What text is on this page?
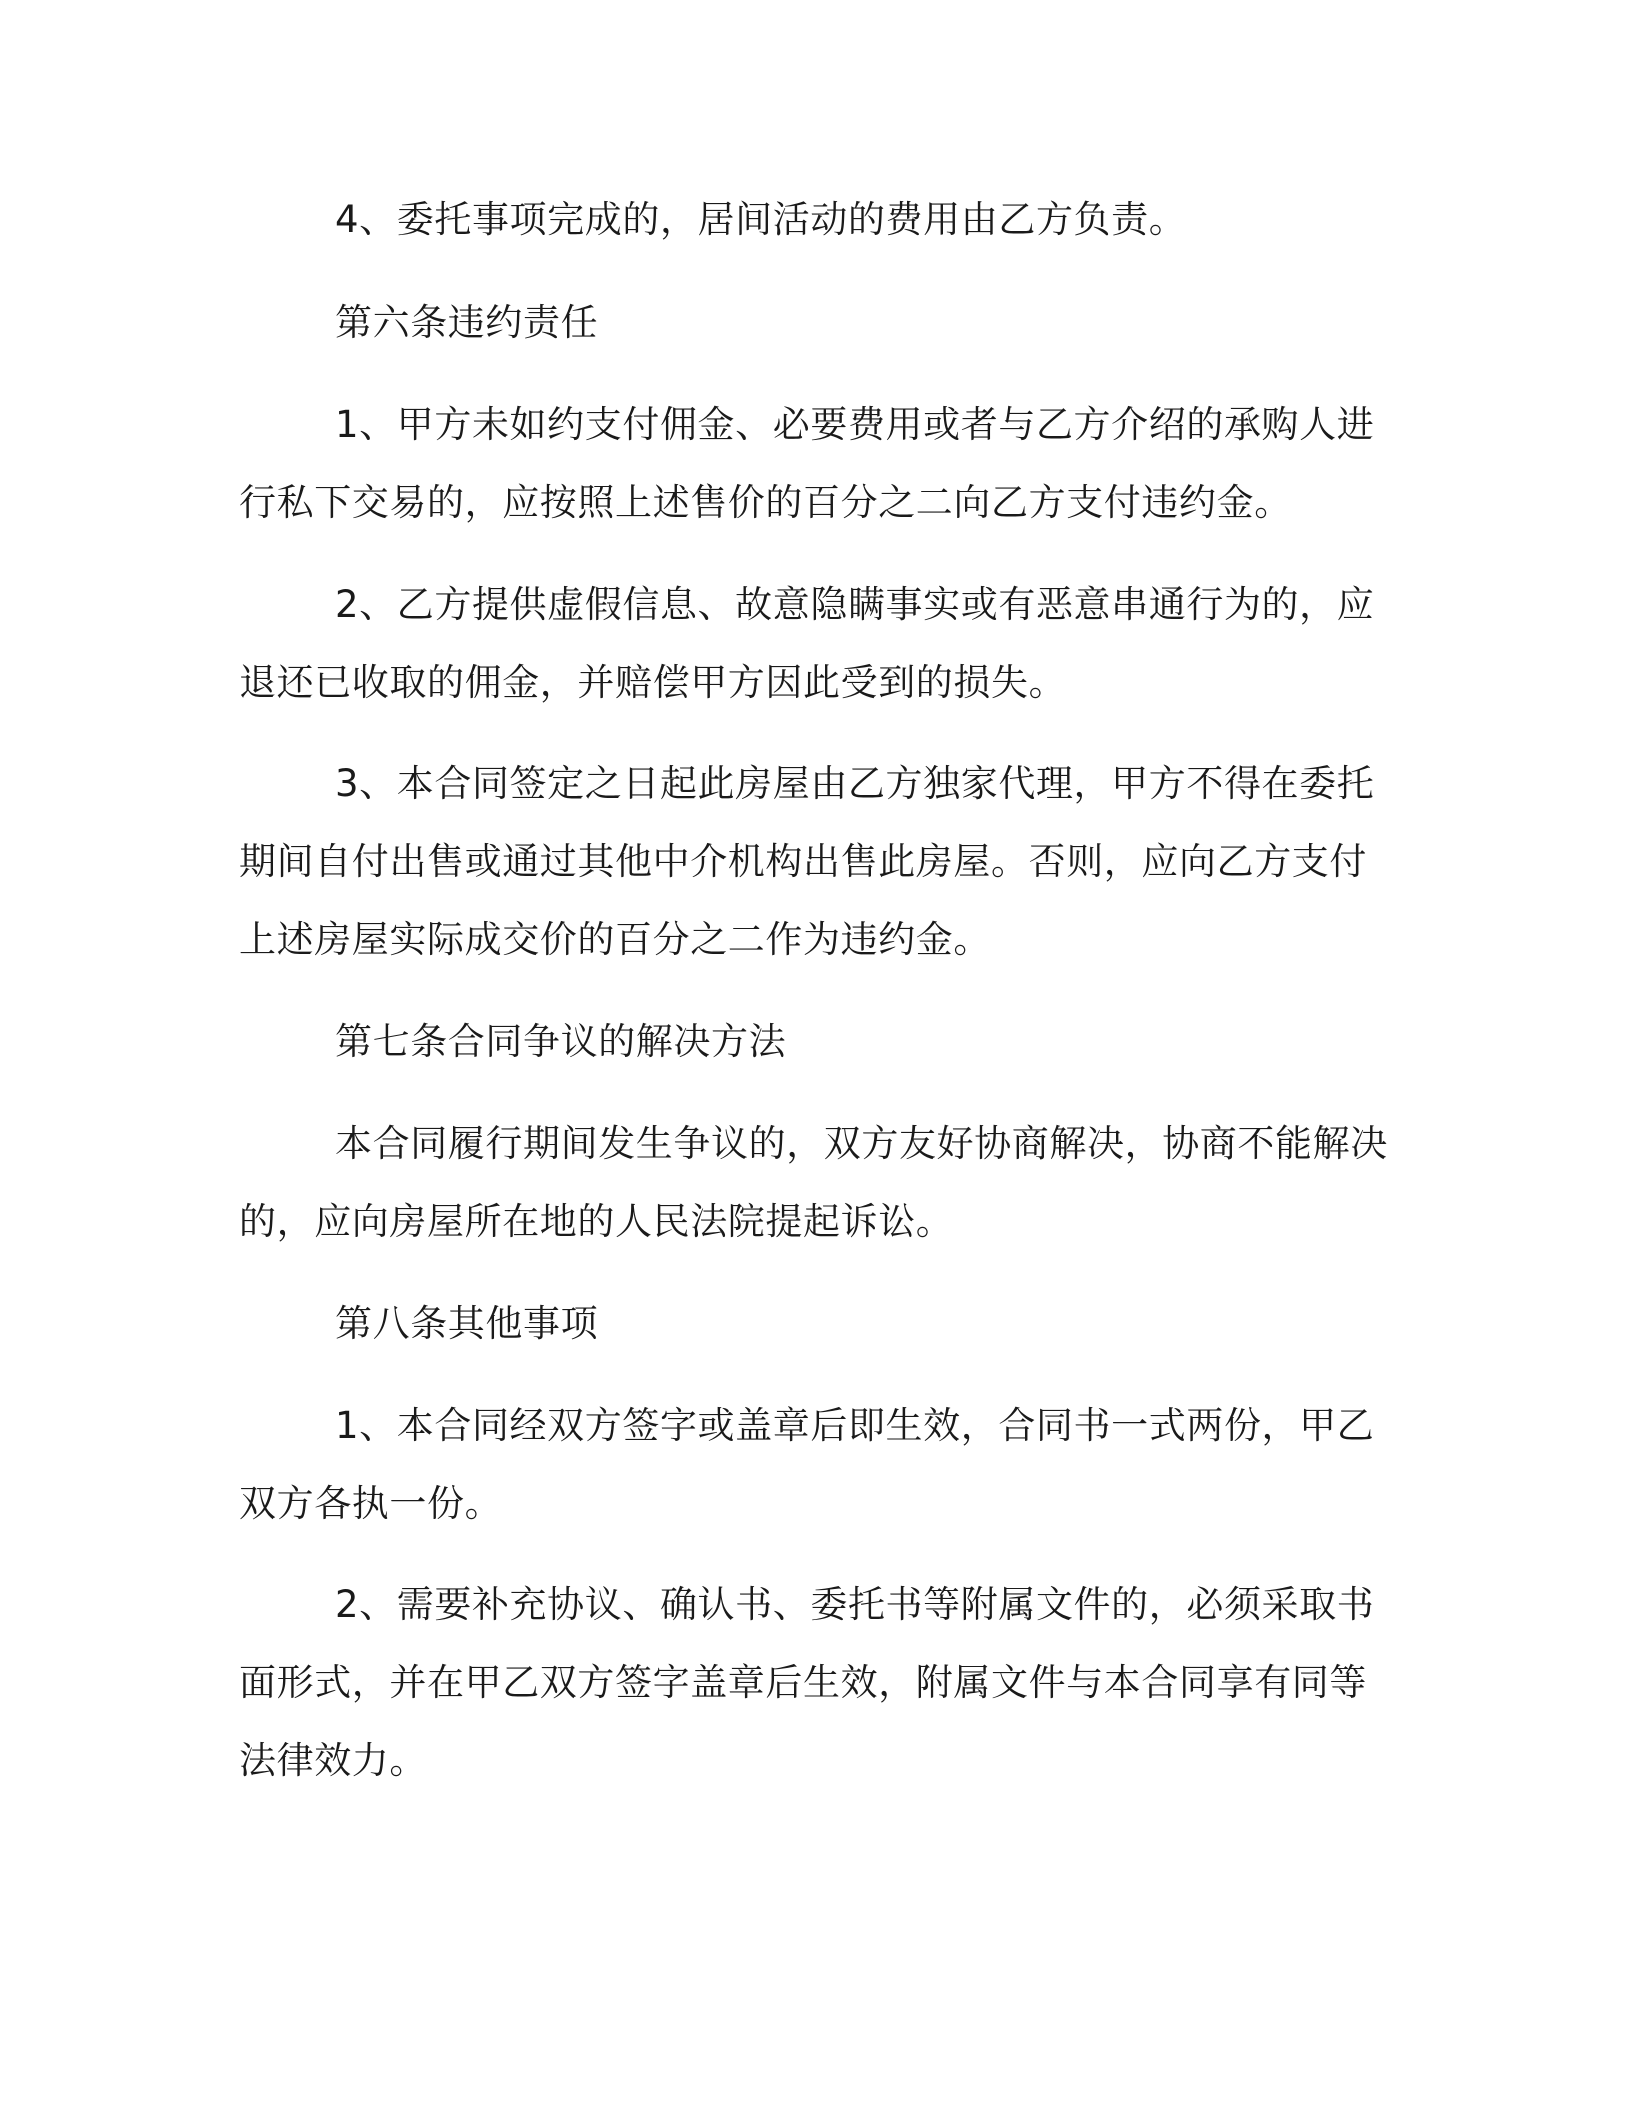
4、委托事项完成的，居间活动的费用由乙方负责。
第六条违约责任
1、甲方未如约支付佣金、必要费用或者与乙方介绍的承购人进
行私下交易的，应按照上述售价的百分之二向乙方支付违约金。
2、乙方提供虚假信息、故意隐瞒事实或有恶意串通行为的，应
退还已收取的佣金，并赔偿甲方因此受到的损失。
3、本合同签定之日起此房屋由乙方独家代理，甲方不得在委托
期间自付出售或通过其他中介机构出售此房屋。否则，应向乙方支付
上述房屋实际成交价的百分之二作为违约金。
第七条合同争议的解决方法
本合同履行期间发生争议的，双方友好协商解决，协商不能解决
的，应向房屋所在地的人民法院提起诉讼。
第八条其他事项
1、本合同经双方签字或盖章后即生效，合同书一式两份，甲乙
双方各执一份。
2、需要补充协议、确认书、委托书等附属文件的，必须采取书
面形式，并在甲乙双方签字盖章后生效，附属文件与本合同享有同等
法律效力。
